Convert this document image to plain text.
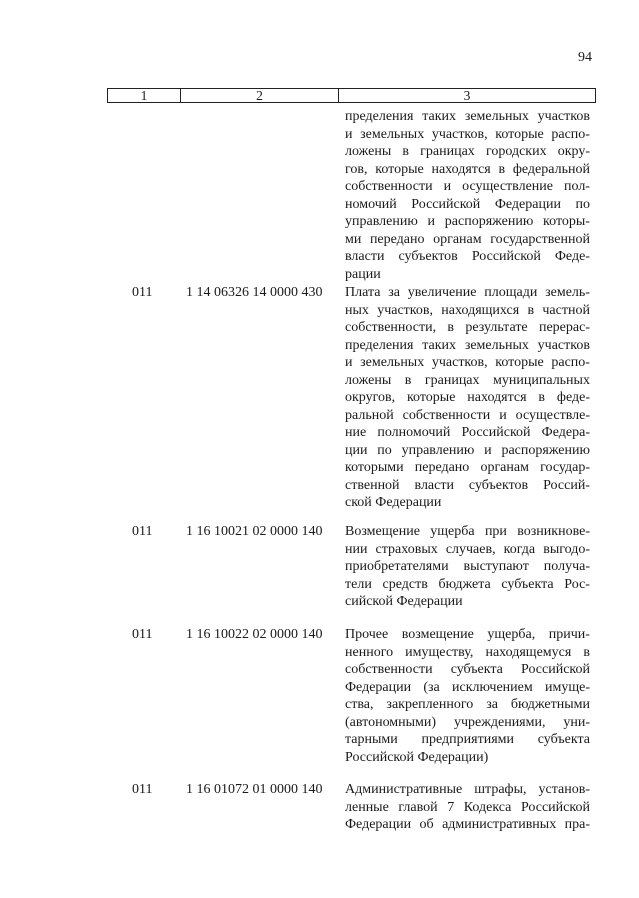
94
1	2	3
пределения таких земельных участков
и земельных участков, которые распо-
ложены в границах городских окру-
гов, которые находятся в федеральной
собственности и осуществление пол-
номочий Российской Федерации по
управлению и распоряжению которы-
ми передано органам государственной
власти субъектов Российской Феде-
рации
011 1 14 06326 14 0000 430 Плата за увеличение площади земель-
ных участков, находящихся в частной
собственности, в результате перерас-
пределения таких земельных участков
и земельных участков, которые распо-
ложены в границах муниципальных
округов, которые находятся в феде-
ральной собственности и осуществле-
ние полномочий Российской Федера-
ции по управлению и распоряжению
которыми передано органам государ-
ственной власти субъектов Россий-
ской Федерации
011 1 16 10021 02 0000 140 Возмещение ущерба при возникнове-
нии страховых случаев, когда выгодо-
приобретателями выступают получа-
тели средств бюджета субъекта Рос-
сийской Федерации
011 1 16 10022 02 0000 140 Прочее возмещение ущерба, причи-
ненного имуществу, находящемуся в
собственности субъекта Российской
Федерации (за исключением имуще-
ства, закрепленного за бюджетными
(автономными) учреждениями, уни-
тарными предприятиями субъекта
Российской Федерации)
011 1 16 01072 01 0000 140 Административные штрафы, установ-
ленные главой 7 Кодекса Российской
Федерации об административных пра-
